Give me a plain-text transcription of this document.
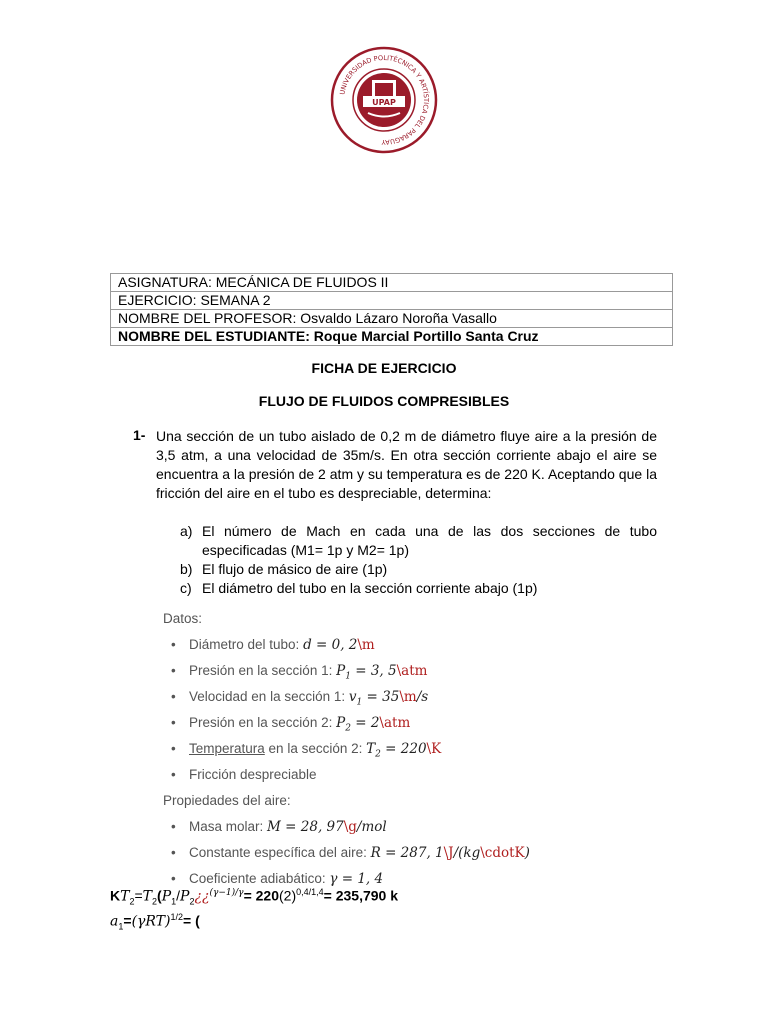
UNIVERSIDAD POLITÉCNICA Y ARTÍSTICA DEL PARAGUAY
UPAP
ASIGNATURA: MECÁNICA DE FLUIDOS II
EJERCICIO: SEMANA 2
NOMBRE DEL PROFESOR: Osvaldo Lázaro Noroña Vasallo
NOMBRE DEL ESTUDIANTE: Roque Marcial Portillo Santa Cruz
FICHA DE EJERCICIO
FLUJO DE FLUIDOS COMPRESIBLES
1- Una sección de un tubo aislado de 0,2 m de diámetro fluye aire a la presión de 3,5 atm, a una velocidad de 35m/s. En otra sección corriente abajo el aire se encuentra a la presión de 2 atm y su temperatura es de 220 K. Aceptando que la fricción del aire en el tubo es despreciable, determina:

a) El número de Mach en cada una de las dos secciones de tubo especificadas (M1= 1p y M2= 1p)
b) El flujo de másico de aire (1p)
c) El diámetro del tubo en la sección corriente abajo (1p)
Datos:
• Diámetro del tubo: d = 0, 2\m
• Presión en la sección 1: $P_1 = 3$, 5\atm
• Velocidad en la sección 1: $v_1$ = 35\m/s
• Presión en la sección 2: $P_2$ = 2\atm
• Temperatura en la sección 2: $T_2$ = 220\K
• Fricción despreciable
Propiedades del aire:
• Masa molar: M = 28, 97\g/mol
• Constante específica del aire: R = 287, 1\J/(kg\cdotK)
• Coeficiente adiabático: γ = 1, 4
$KT_2=T_2(P_1/P_2¿¿^{(\gamma-1)/\gamma}= 220(2)^{0,4/1,4}= 235,790$ k
$a_1=(\gamma RT)^{1/2}=$ (
